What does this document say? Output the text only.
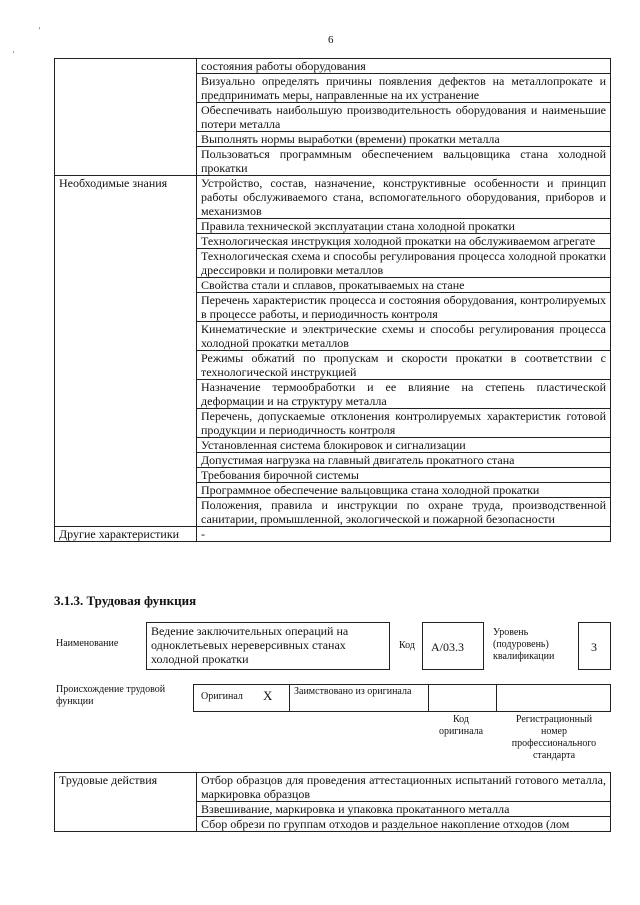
⸒
⸒
6
	состояния работы оборудования
	Визуально определять причины появления дефектов на металлопрокате и предпринимать меры, направленные на их устранение
	Обеспечивать наибольшую производительность оборудования и наименьшие потери металла
	Выполнять нормы выработки (времени) прокатки металла
	Пользоваться программным обеспечением вальцовщика стана холодной прокатки
Необходимые знания	Устройство, состав, назначение, конструктивные особенности и принцип работы обслуживаемого стана, вспомогательного оборудования, приборов и механизмов
	Правила технической эксплуатации стана холодной прокатки
	Технологическая инструкция холодной прокатки на обслуживаемом агрегате
	Технологическая схема и способы регулирования процесса холодной прокатки дрессировки и полировки металлов
	Свойства стали и сплавов, прокатываемых на стане
	Перечень характеристик процесса и состояния оборудования, контролируемых в процессе работы, и периодичность контроля
	Кинематические и электрические схемы и способы регулирования процесса холодной прокатки металлов
	Режимы обжатий по пропускам и скорости прокатки в соответствии с технологической инструкцией
	Назначение термообработки и ее влияние на степень пластической деформации и на структуру металла
	Перечень, допускаемые отклонения контролируемых характеристик готовой продукции и периодичность контроля
	Установленная система блокировок и сигнализации
	Допустимая нагрузка на главный двигатель прокатного стана
	Требования бирочной системы
	Программное обеспечение вальцовщика стана холодной прокатки
	Положения, правила и инструкции по охране труда, производственной санитарии, промышленной, экологической и пожарной безопасности
Другие характеристики	-
3.1.3. Трудовая функция
Наименование
Ведение заключительных операций на одноклетьевых нереверсивных станах холодной прокатки
Код А/03.3
Уровень (подуровень) квалификации
3
Происхождение трудовой функции	Оригинал X Заимствовано из оригинала
Код оригинала
Регистрационный номер профессионального стандарта
Трудовые действия	Отбор образцов для проведения аттестационных испытаний готового металла, маркировка образцов
Взвешивание, маркировка и упаковка прокатанного металла
Сбор обрези по группам отходов и раздельное накопление отходов (лом
